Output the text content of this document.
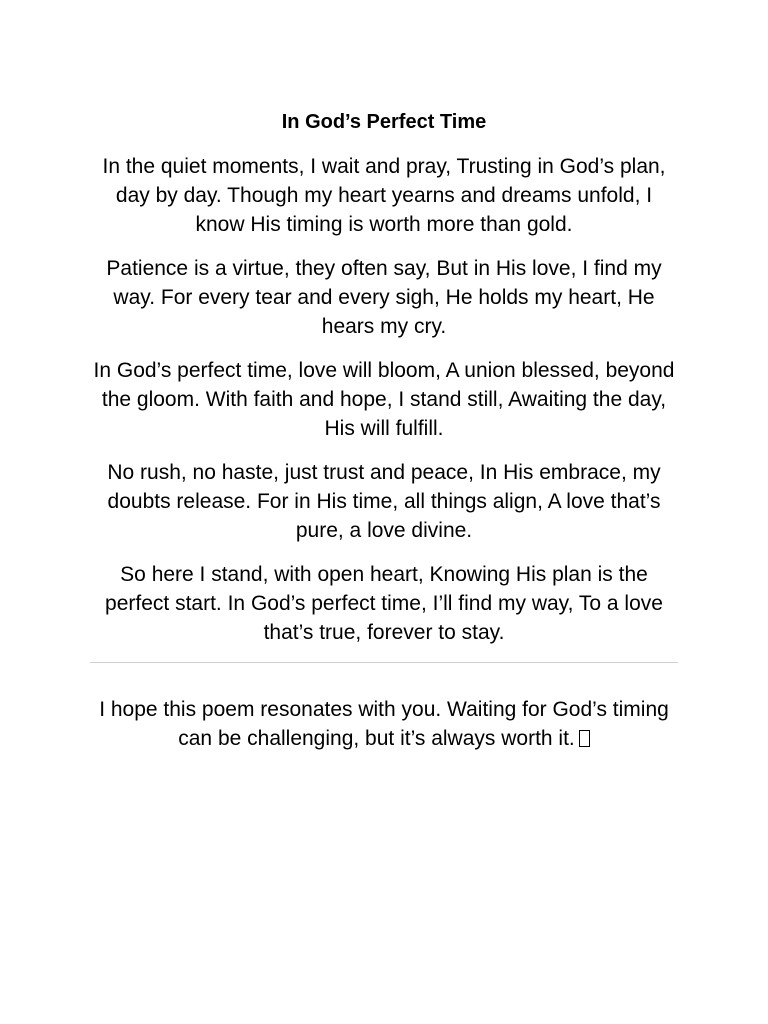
In God’s Perfect Time

In the quiet moments, I wait and pray, Trusting in God’s plan, day by day. Though my heart yearns and dreams unfold, I know His timing is worth more than gold.

Patience is a virtue, they often say, But in His love, I find my way. For every tear and every sigh, He holds my heart, He hears my cry.

In God’s perfect time, love will bloom, A union blessed, beyond the gloom. With faith and hope, I stand still, Awaiting the day, His will fulfill.

No rush, no haste, just trust and peace, In His embrace, my doubts release. For in His time, all things align, A love that’s pure, a love divine.

So here I stand, with open heart, Knowing His plan is the perfect start. In God’s perfect time, I’ll find my way, To a love that’s true, forever to stay.

I hope this poem resonates with you. Waiting for God’s timing can be challenging, but it’s always worth it.
